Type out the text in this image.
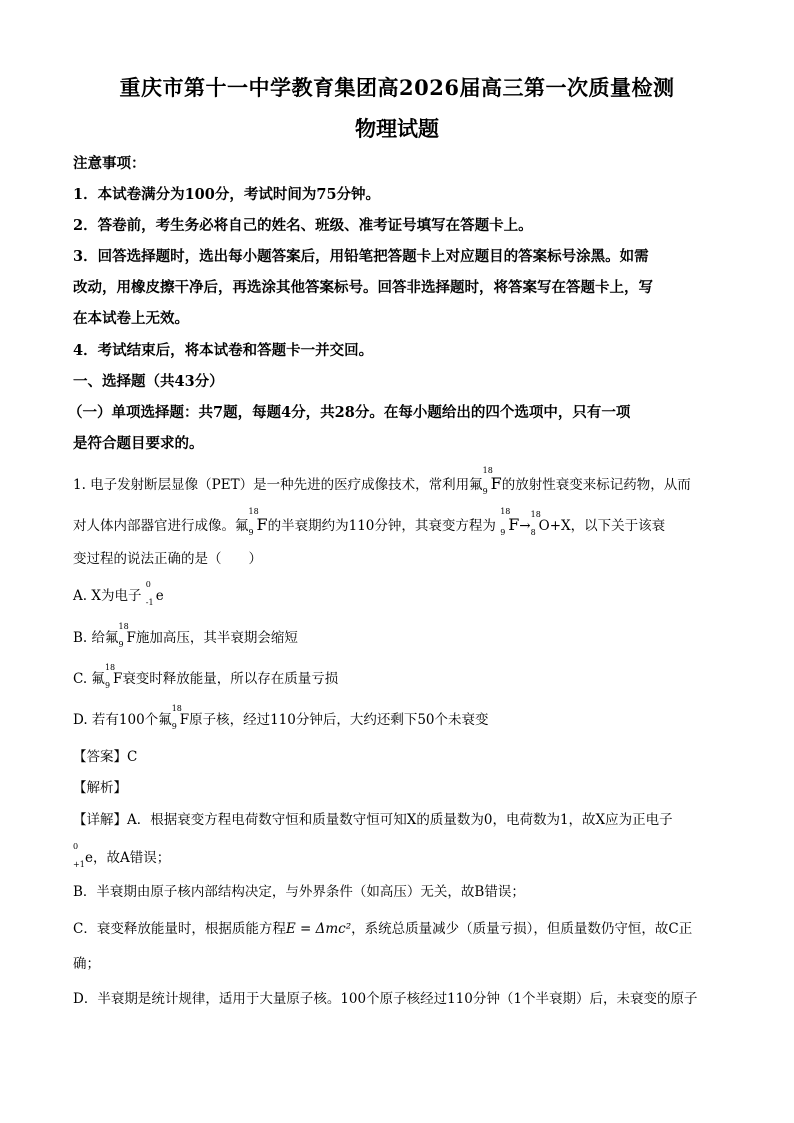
重庆市第十一中学教育集团高2026届高三第一次质量检测
物理试题
注意事项：
1．本试卷满分为100分，考试时间为75分钟。
2．答卷前，考生务必将自己的姓名、班级、准考证号填写在答题卡上。
3．回答选择题时，选出每小题答案后，用铅笔把答题卡上对应题目的答案标号涂黑。如需
改动，用橡皮擦干净后，再选涂其他答案标号。回答非选择题时，将答案写在答题卡上，写
在本试卷上无效。
4．考试结束后，将本试卷和答题卡一并交回。
一、选择题（共43分）
（一）单项选择题：共7题，每题4分，共28分。在每小题给出的四个选项中，只有一项
是符合题目要求的。
1. 电子发射断层显像（PET）是一种先进的医疗成像技术，常利用氟
18
9 F的放射性衰变来标记药物，从而
对人体内部器官进行成像。氟
18
9 F的半衰期约为110分钟，其衰变方程为
18
9 F→
18
8 O+X，以下关于该衰
变过程的说法正确的是（　　）
A. X为电子
0
-1 e
B. 给氟
18
9 F施加高压，其半衰期会缩短
C. 氟
18
9 F衰变时释放能量，所以存在质量亏损
D. 若有100个氟
18
9 F原子核，经过110分钟后，大约还剩下50个未衰变
【答案】C
【解析】
【详解】A．根据衰变方程电荷数守恒和质量数守恒可知X的质量数为0，电荷数为1，故X应为正电子
0
+1 e，故A错误；
B．半衰期由原子核内部结构决定，与外界条件（如高压）无关，故B错误；
C．衰变释放能量时，根据质能方程E = Δmc²，系统总质量减少（质量亏损），但质量数仍守恒，故C正
确；
D．半衰期是统计规律，适用于大量原子核。100个原子核经过110分钟（1个半衰期）后，未衰变的原子
